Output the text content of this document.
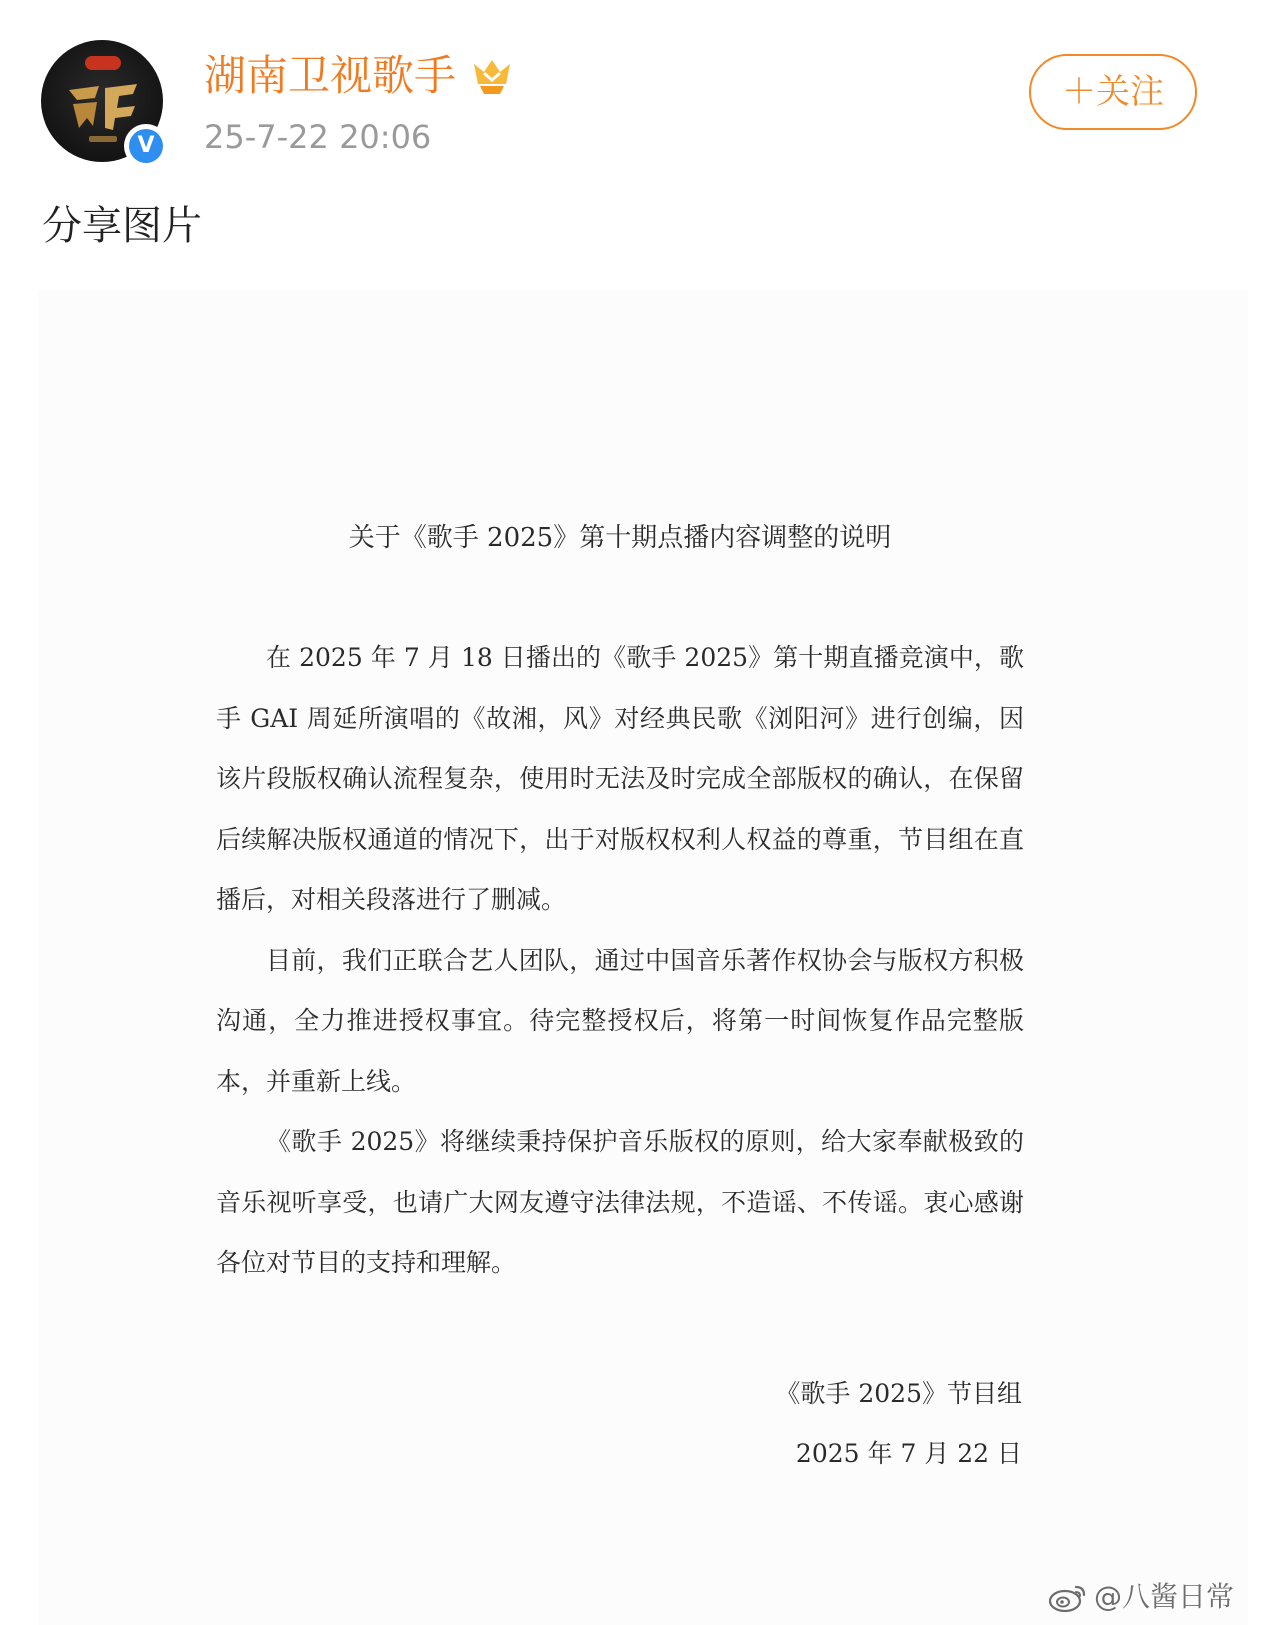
V
湖南卫视歌手
25-7-22 20:06
＋关注
分享图片
关于《歌手 2025》第十期点播内容调整的说明

在 2025 年 7 月 18 日播出的《歌手 2025》第十期直播竞演中，歌手 GAI 周延所演唱的《故湘，风》对经典民歌《浏阳河》进行创编，因该片段版权确认流程复杂，使用时无法及时完成全部版权的确认，在保留后续解决版权通道的情况下，出于对版权权利人权益的尊重，节目组在直播后，对相关段落进行了删减。

目前，我们正联合艺人团队，通过中国音乐著作权协会与版权方积极沟通，全力推进授权事宜。待完整授权后，将第一时间恢复作品完整版本，并重新上线。

《歌手 2025》将继续秉持保护音乐版权的原则，给大家奉献极致的音乐视听享受，也请广大网友遵守法律法规，不造谣、不传谣。衷心感谢各位对节目的支持和理解。

《歌手 2025》节目组
2025 年 7 月 22 日
@八酱日常
